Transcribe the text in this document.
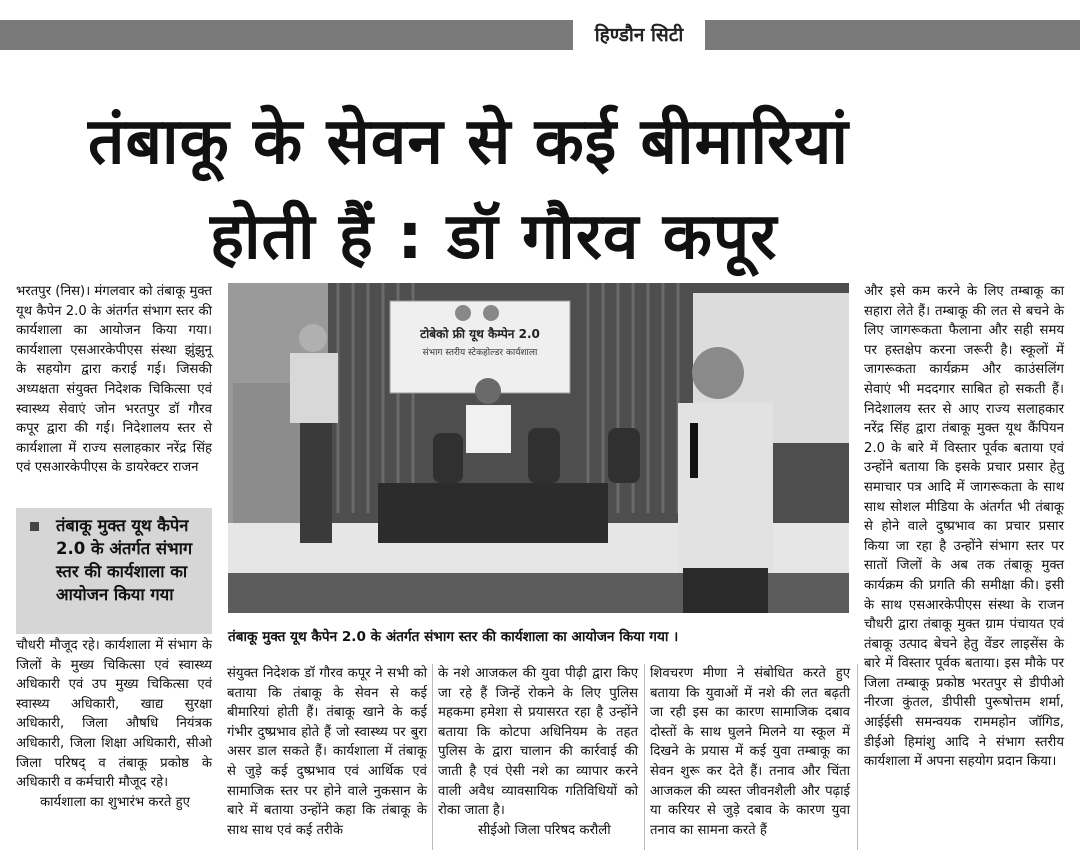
हिण्डौन सिटी
तंबाकू के सेवन से कई बीमारियां
होती हैं : डॉ गौरव कपूर

भरतपुर (निस)। मंगलवार को तंबाकू मुक्त यूथ कैपेन 2.0 के अंतर्गत संभाग स्तर की कार्यशाला का आयोजन किया गया। कार्यशाला एसआरकेपीएस संस्था झुंझुनू के सहयोग द्वारा कराई गई। जिसकी अध्यक्षता संयुक्त निदेशक चिकित्सा एवं स्वास्थ्य सेवाएं जोन भरतपुर डॉ गौरव कपूर द्वारा की गई। निदेशालय स्तर से कार्यशाला में राज्य सलाहकार नरेंद्र सिंह एवं एसआरकेपीएस के डायरेक्टर राजन

तंबाकू मुक्त यूथ कैपेन 2.0 के अंतर्गत संभाग स्तर की कार्यशाला का आयोजन किया गया

चौधरी मौजूद रहे। कार्यशाला में संभाग के जिलों के मुख्य चिकित्सा एवं स्वास्थ्य अधिकारी एवं उप मुख्य चिकित्सा एवं स्वास्थ्य अधिकारी, खाद्य सुरक्षा अधिकारी, जिला औषधि नियंत्रक अधिकारी, जिला शिक्षा अधिकारी, सीओ जिला परिषद् व तंबाकू प्रकोष्ठ के अधिकारी व कर्मचारी मौजूद रहे।

कार्यशाला का शुभारंभ करते हुए

टोबेको फ्री यूथ कैम्पेन 2.0
संभाग स्तरीय स्टेकहोल्डर कार्यशाला
तंबाकू मुक्त यूथ कैपेन 2.0 के अंतर्गत संभाग स्तर की कार्यशाला का आयोजन किया गया ।

संयुक्त निदेशक डॉ गौरव कपूर ने सभी को बताया कि तंबाकू के सेवन से कई बीमारियां होती हैं। तंबाकू खाने के कई गंभीर दुष्प्रभाव होते हैं जो स्वास्थ्य पर बुरा असर डाल सकते हैं। कार्यशाला में तंबाकू से जुड़े कई दुष्प्रभाव एवं आर्थिक एवं सामाजिक स्तर पर होने वाले नुकसान के बारे में बताया उन्होंने कहा कि तंबाकू के साथ साथ एवं कई तरीके

के नशे आजकल की युवा पीढ़ी द्वारा किए जा रहे हैं जिन्हें रोकने के लिए पुलिस महकमा हमेशा से प्रयासरत रहा है उन्होंने बताया कि कोटपा अधिनियम के तहत पुलिस के द्वारा चालान की कार्रवाई की जाती है एवं ऐसी नशे का व्यापार करने वाली अवैध व्यावसायिक गतिविधियों को रोका जाता है।

सीईओ जिला परिषद करौली

शिवचरण मीणा ने संबोधित करते हुए बताया कि युवाओं में नशे की लत बढ़ती जा रही इस का कारण सामाजिक दबाव दोस्तों के साथ घुलने मिलने या स्कूल में दिखने के प्रयास में कई युवा तम्बाकू का सेवन शुरू कर देते हैं। तनाव और चिंता आजकल की व्यस्त जीवनशैली और पढ़ाई या करियर से जुड़े दबाव के कारण युवा तनाव का सामना करते हैं

और इसे कम करने के लिए तम्बाकू का सहारा लेते हैं। तम्बाकू की लत से बचने के लिए जागरूकता फैलाना और सही समय पर हस्तक्षेप करना जरूरी है। स्कूलों में जागरूकता कार्यक्रम और काउंसलिंग सेवाएं भी मददगार साबित हो सकती हैं। निदेशालय स्तर से आए राज्य सलाहकार नरेंद्र सिंह द्वारा तंबाकू मुक्त यूथ कैंपियन 2.0 के बारे में विस्तार पूर्वक बताया एवं उन्होंने बताया कि इसके प्रचार प्रसार हेतु समाचार पत्र आदि में जागरूकता के साथ साथ सोशल मीडिया के अंतर्गत भी तंबाकू से होने वाले दुष्प्रभाव का प्रचार प्रसार किया जा रहा है उन्होंने संभाग स्तर पर सातों जिलों के अब तक तंबाकू मुक्त कार्यक्रम की प्रगति की समीक्षा की। इसी के साथ एसआरकेपीएस संस्था के राजन चौधरी द्वारा तंबाकू मुक्त ग्राम पंचायत एवं तंबाकू उत्पाद बेचने हेतु वेंडर लाइसेंस के बारे में विस्तार पूर्वक बताया। इस मौके पर जिला तम्बाकू प्रकोष्ठ भरतपुर से डीपीओ नीरजा कुंतल, डीपीसी पुरूषोत्तम शर्मा, आईईसी समन्वयक राममहोन जॉगिड, डीईओ हिमांशु आदि ने संभाग स्तरीय कार्यशाला में अपना सहयोग प्रदान किया।
